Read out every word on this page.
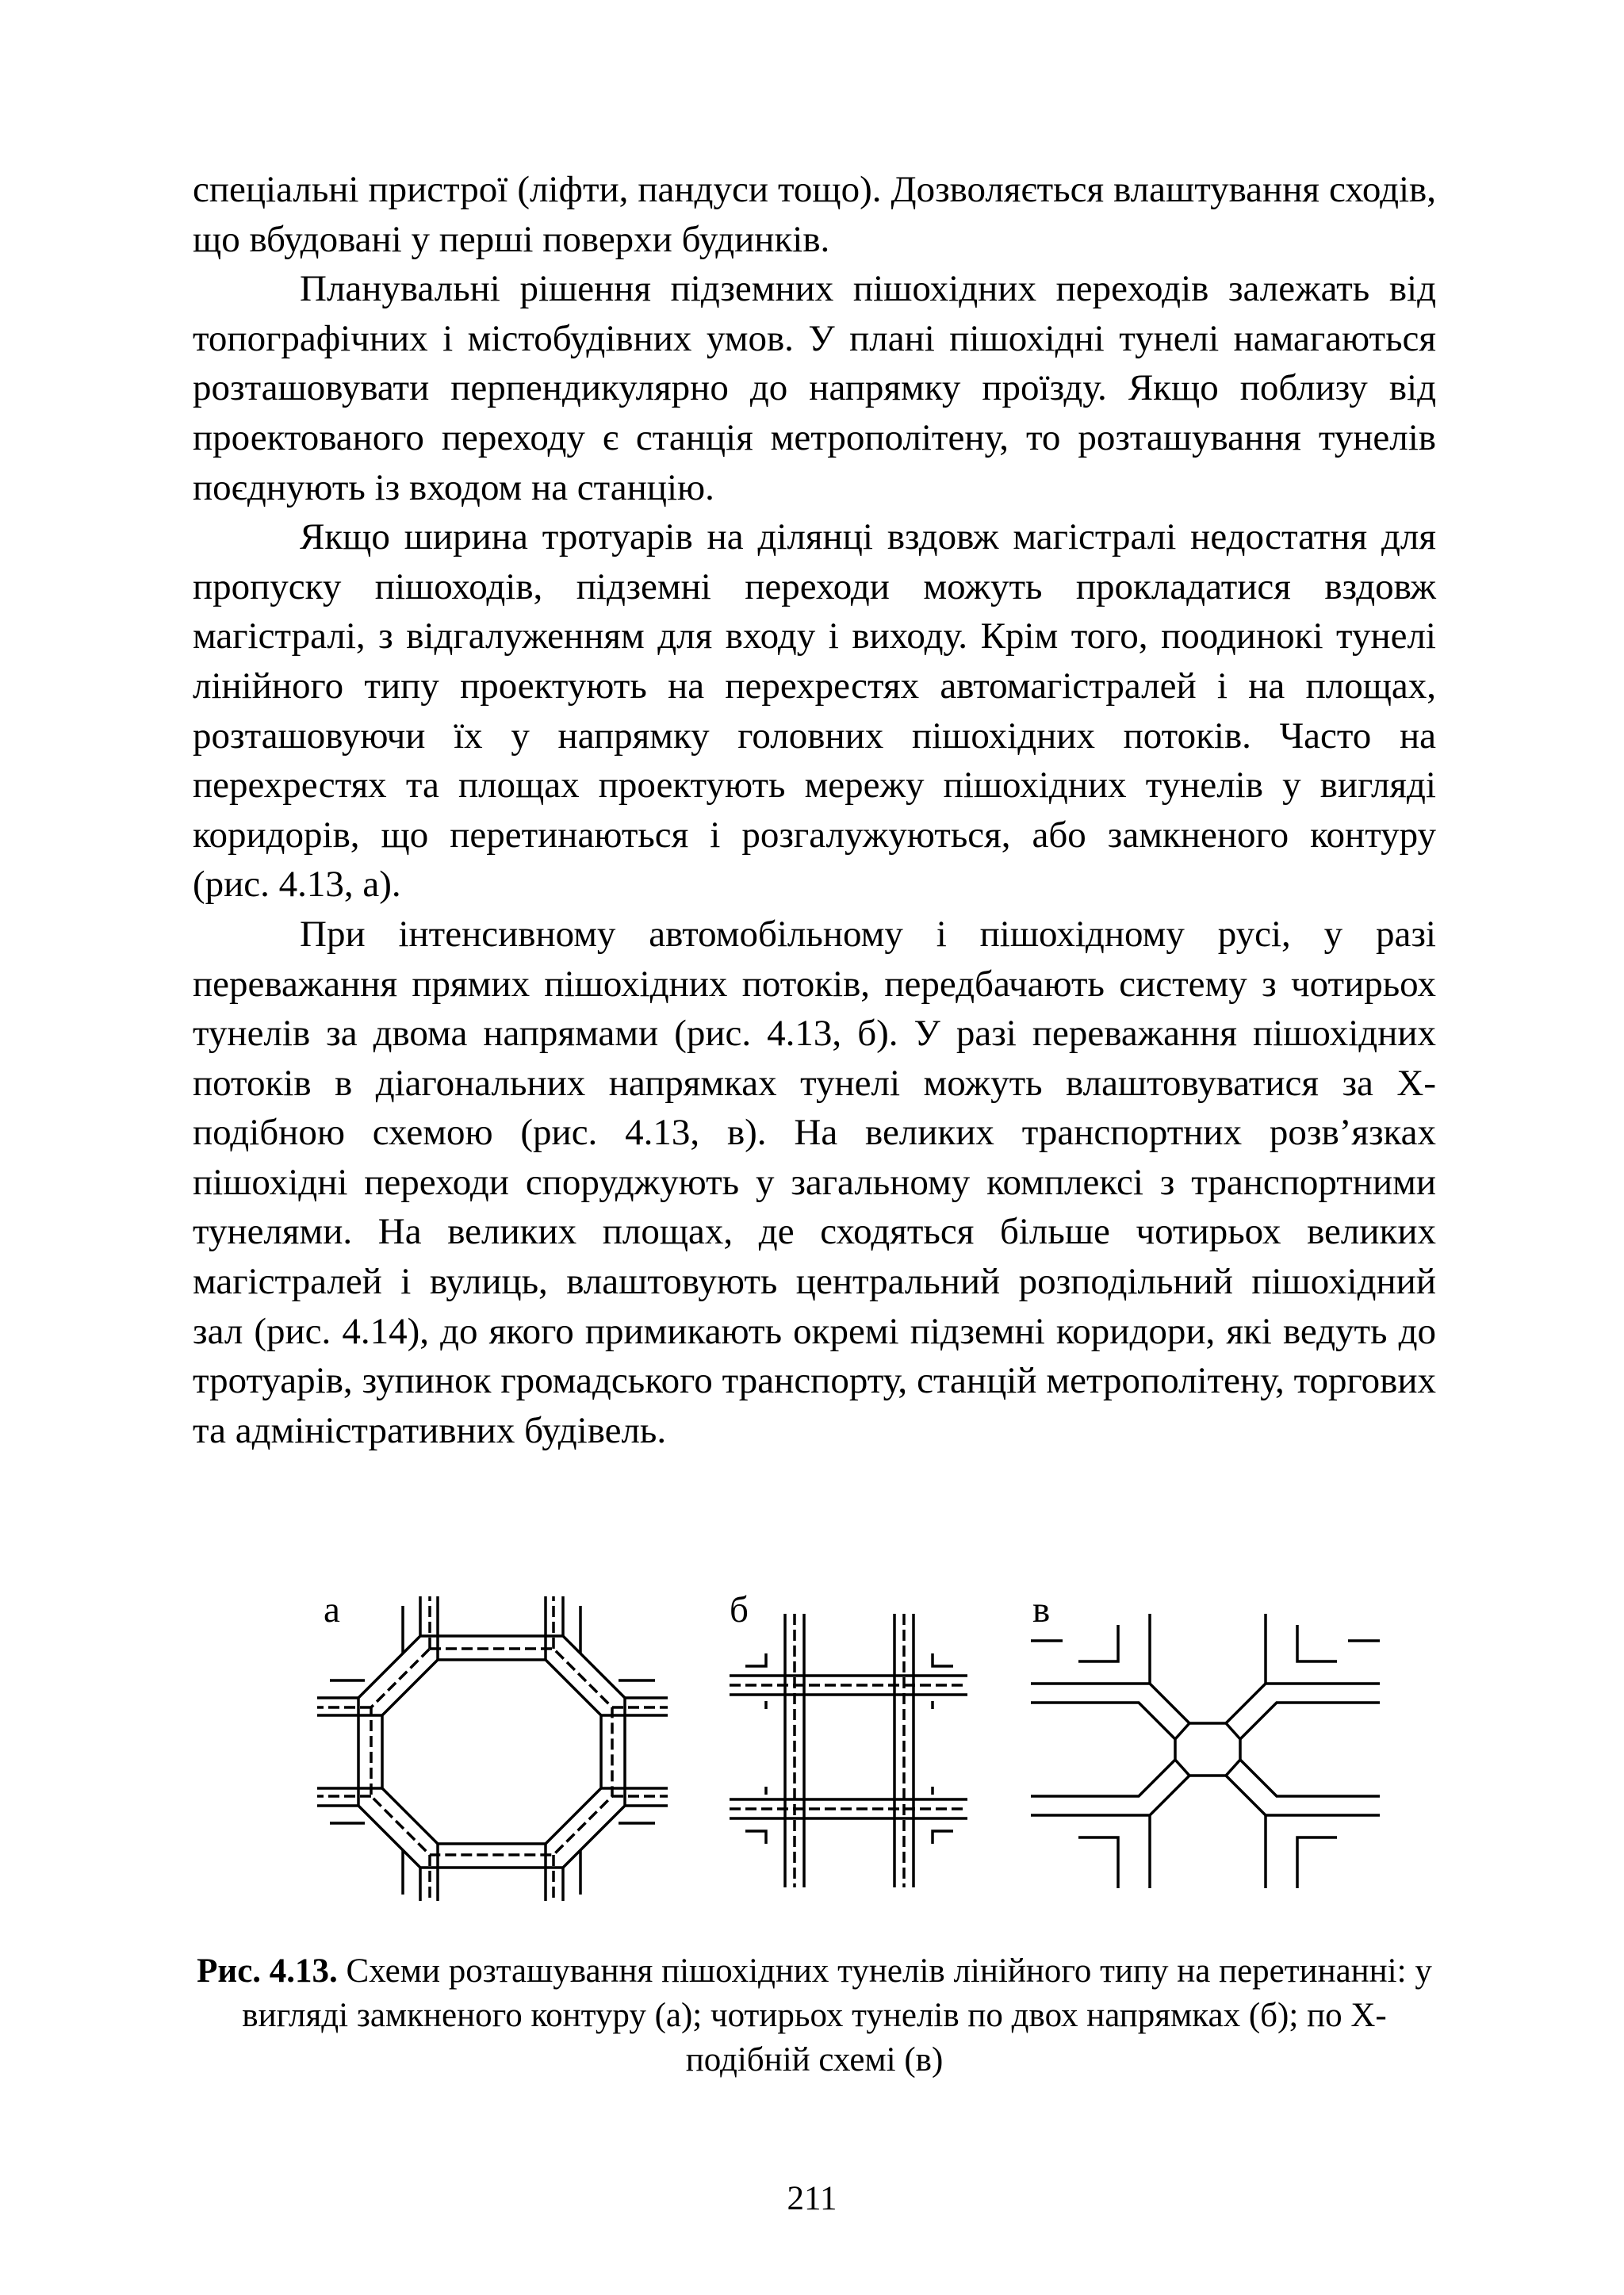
спеціальні пристрої (ліфти, пандуси тощо). Дозволяється влаштування сходів, що вбудовані у перші поверхи будинків.

Планувальні рішення підземних пішохідних переходів залежать від топографічних і містобудівних умов. У плані пішохідні тунелі намагаються розташовувати перпендикулярно до напрямку проїзду. Якщо поблизу від проектованого переходу є станція метрополітену, то розташування тунелів поєднують із входом на станцію.

Якщо ширина тротуарів на ділянці вздовж магістралі недостатня для пропуску пішоходів, підземні переходи можуть прокладатися вздовж магістралі, з відгалуженням для входу і виходу. Крім того, поодинокі тунелі лінійного типу проектують на перехрестях автомагістралей і на площах, розташовуючи їх у напрямку головних пішохідних потоків. Часто на перехрестях та площах проектують мережу пішохідних тунелів у вигляді коридорів, що перетинаються і розгалужуються, або замкненого контуру (рис. 4.13, а).

При інтенсивному автомобільному і пішохідному русі, у разі переважання прямих пішохідних потоків, передбачають систему з чотирьох тунелів за двома напрямами (рис. 4.13, б). У разі переважання пішохідних потоків в діагональних напрямках тунелі можуть влаштовуватися за Х-подібною схемою (рис. 4.13, в). На великих транспортних розв’язках пішохідні переходи споруджують у загальному комплексі з транспортними тунелями. На великих площах, де сходяться більше чотирьох великих магістралей і вулиць, влаштовують центральний розподільний пішохідний зал (рис. 4.14), до якого примикають окремі підземні коридори, які ведуть до тротуарів, зупинок громадського транспорту, станцій метрополітену, торгових та адміністративних будівель.

а	б	в
Рис. 4.13. Схеми розташування пішохідних тунелів лінійного типу на перетинанні: у вигляді замкненого контуру (а); чотирьох тунелів по двох напрямках (б); по Х-подібній схемі (в)
211
